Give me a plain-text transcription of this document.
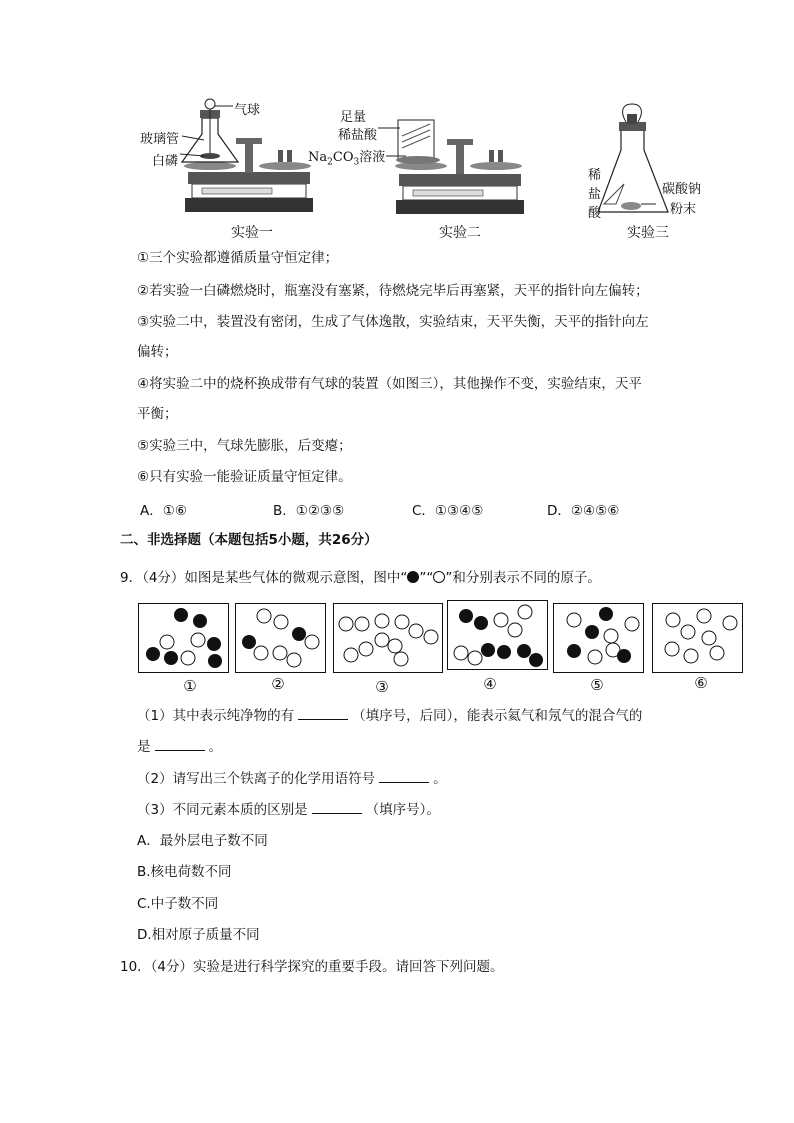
气球
玻璃管
白磷
实验一
足量
稀盐酸
$Na_2CO_3$溶液
实验二
稀
盐
酸
碳酸钠
粉末
实验三
①三个实验都遵循质量守恒定律；
②若实验一白磷燃烧时，瓶塞没有塞紧，待燃烧完毕后再塞紧，天平的指针向左偏转；
③实验二中，装置没有密闭，生成了气体逸散，实验结束，天平失衡，天平的指针向左
偏转；
④将实验二中的烧杯换成带有气球的装置（如图三），其他操作不变，实验结束，天平
平衡；
⑤实验三中，气球先膨胀，后变瘪；
⑥只有实验一能验证质量守恒定律。
A．①⑥	B．①②③⑤	C．①③④⑤	D．②④⑤⑥
二、非选择题（本题包括5小题，共26分）
9．（4分）如图是某些气体的微观示意图，图中“ ”“ ”和分别表示不同的原子。
①	②	③	④	⑤	⑥
（1）其中表示纯净物的有	（填序号，后同），能表示氦气和氖气的混合气的
是	。
（2）请写出三个铁离子的化学用语符号	。
（3）不同元素本质的区别是	（填序号）。
A．最外层电子数不同
B.核电荷数不同
C.中子数不同
D.相对原子质量不同
10．（4分）实验是进行科学探究的重要手段。请回答下列问题。
